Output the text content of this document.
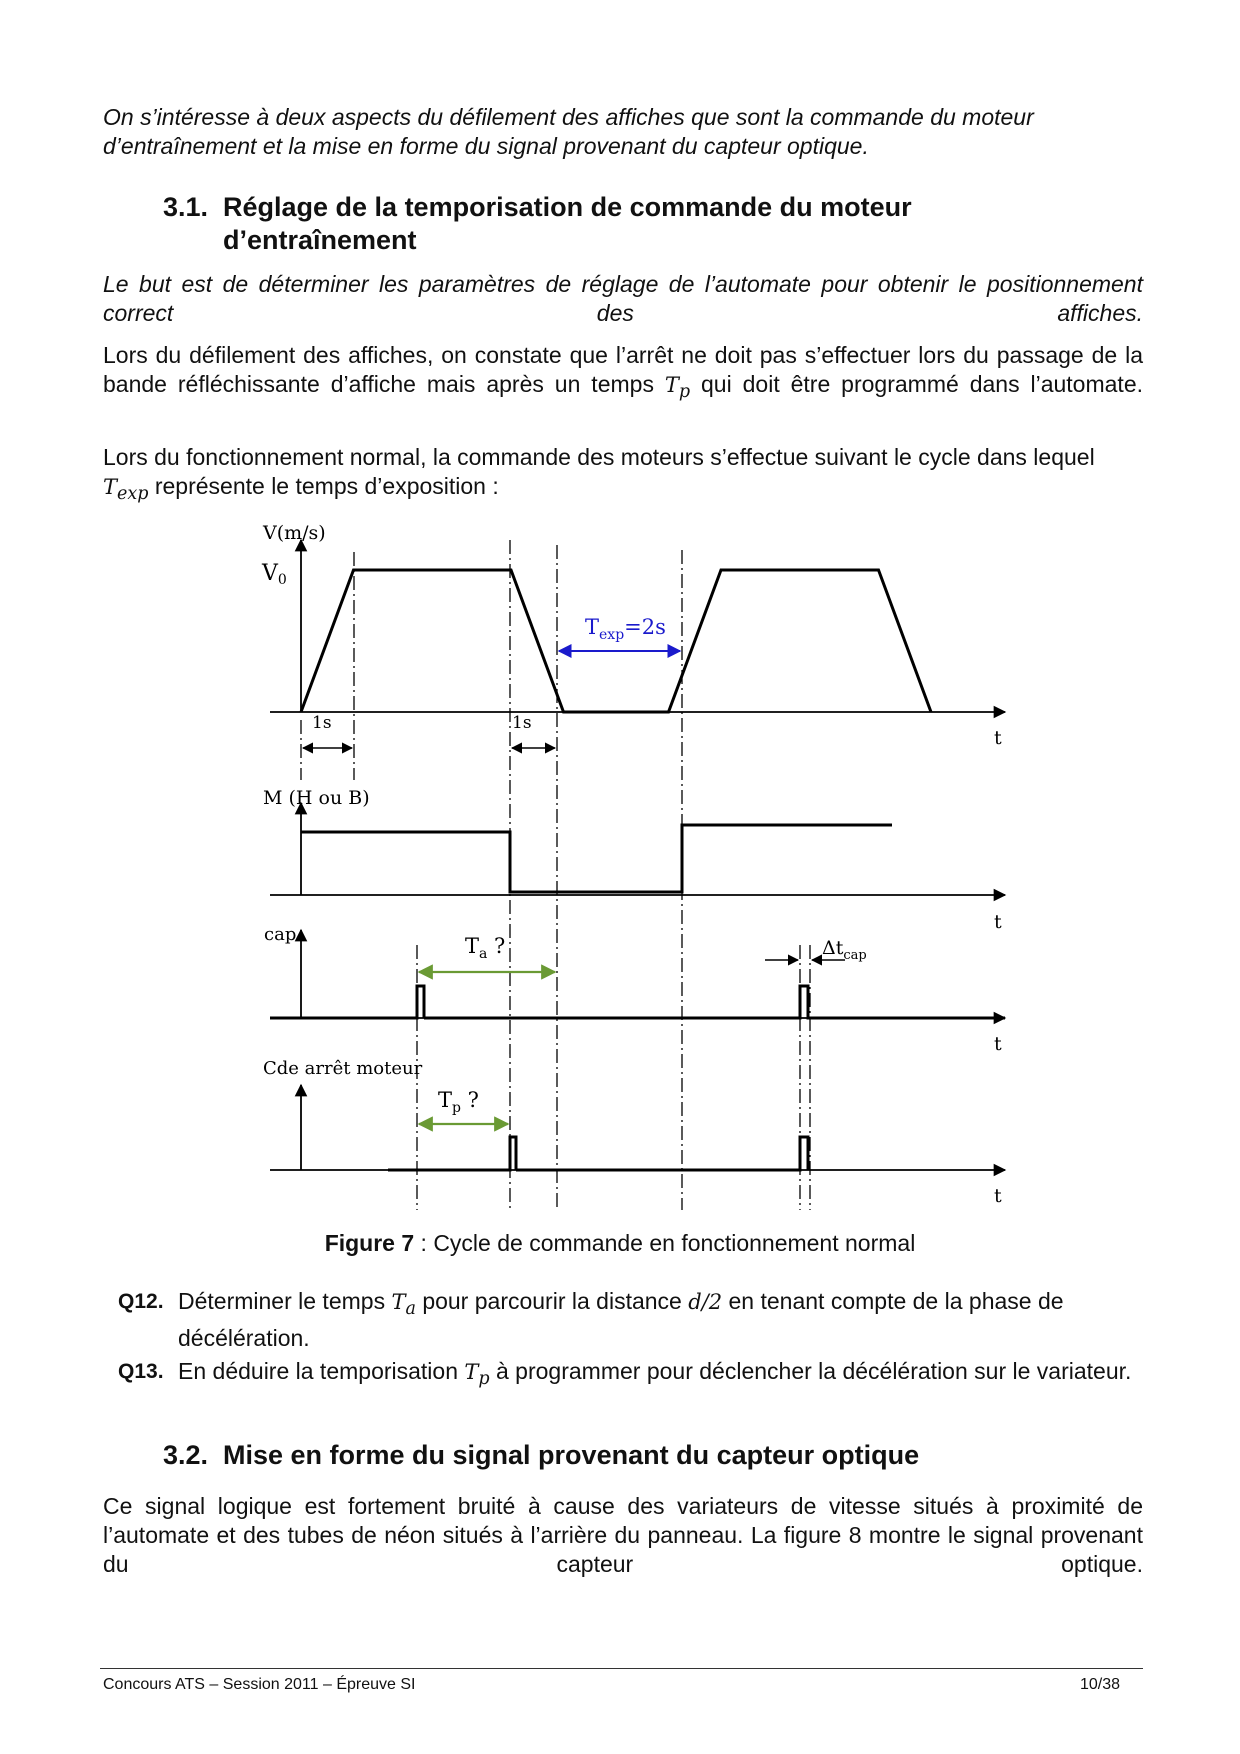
On s’intéresse à deux aspects du défilement des affiches que sont la commande du moteur d’entraînement et la mise en forme du signal provenant du capteur optique.

3.1. Réglage de la temporisation de commande du moteur
d’entraînement

Le but est de déterminer les paramètres de réglage de l’automate pour obtenir le positionnement correct des affiches.

Lors du défilement des affiches, on constate que l’arrêt ne doit pas s’effectuer lors du passage de la bande réfléchissante d’affiche mais après un temps $T_p$ qui doit être programmé dans l’automate.

Lors du fonctionnement normal, la commande des moteurs s’effectue suivant le cycle dans lequel $T_{exp}$ représente le temps d’exposition :

V(m/s)
V0
1s	1s
$T_{exp}=2s$
M (H ou B)
cap	$T_a$ ?	$\Delta t_{cap}$
Cde arrêt moteur
$T_p$ ?
t
t
t
t
Figure 7 : Cycle de commande en fonctionnement normal
Q12. Déterminer le temps $T_a$ pour parcourir la distance d/2 en tenant compte de la phase de décélération.
Q13. En déduire la temporisation $T_p$ à programmer pour déclencher la décélération sur le variateur.
3.2. Mise en forme du signal provenant du capteur optique

Ce signal logique est fortement bruité à cause des variateurs de vitesse situés à proximité de l’automate et des tubes de néon situés à l’arrière du panneau. La figure 8 montre le signal provenant du capteur optique.

Concours ATS – Session 2011 – Épreuve SI	10/38
